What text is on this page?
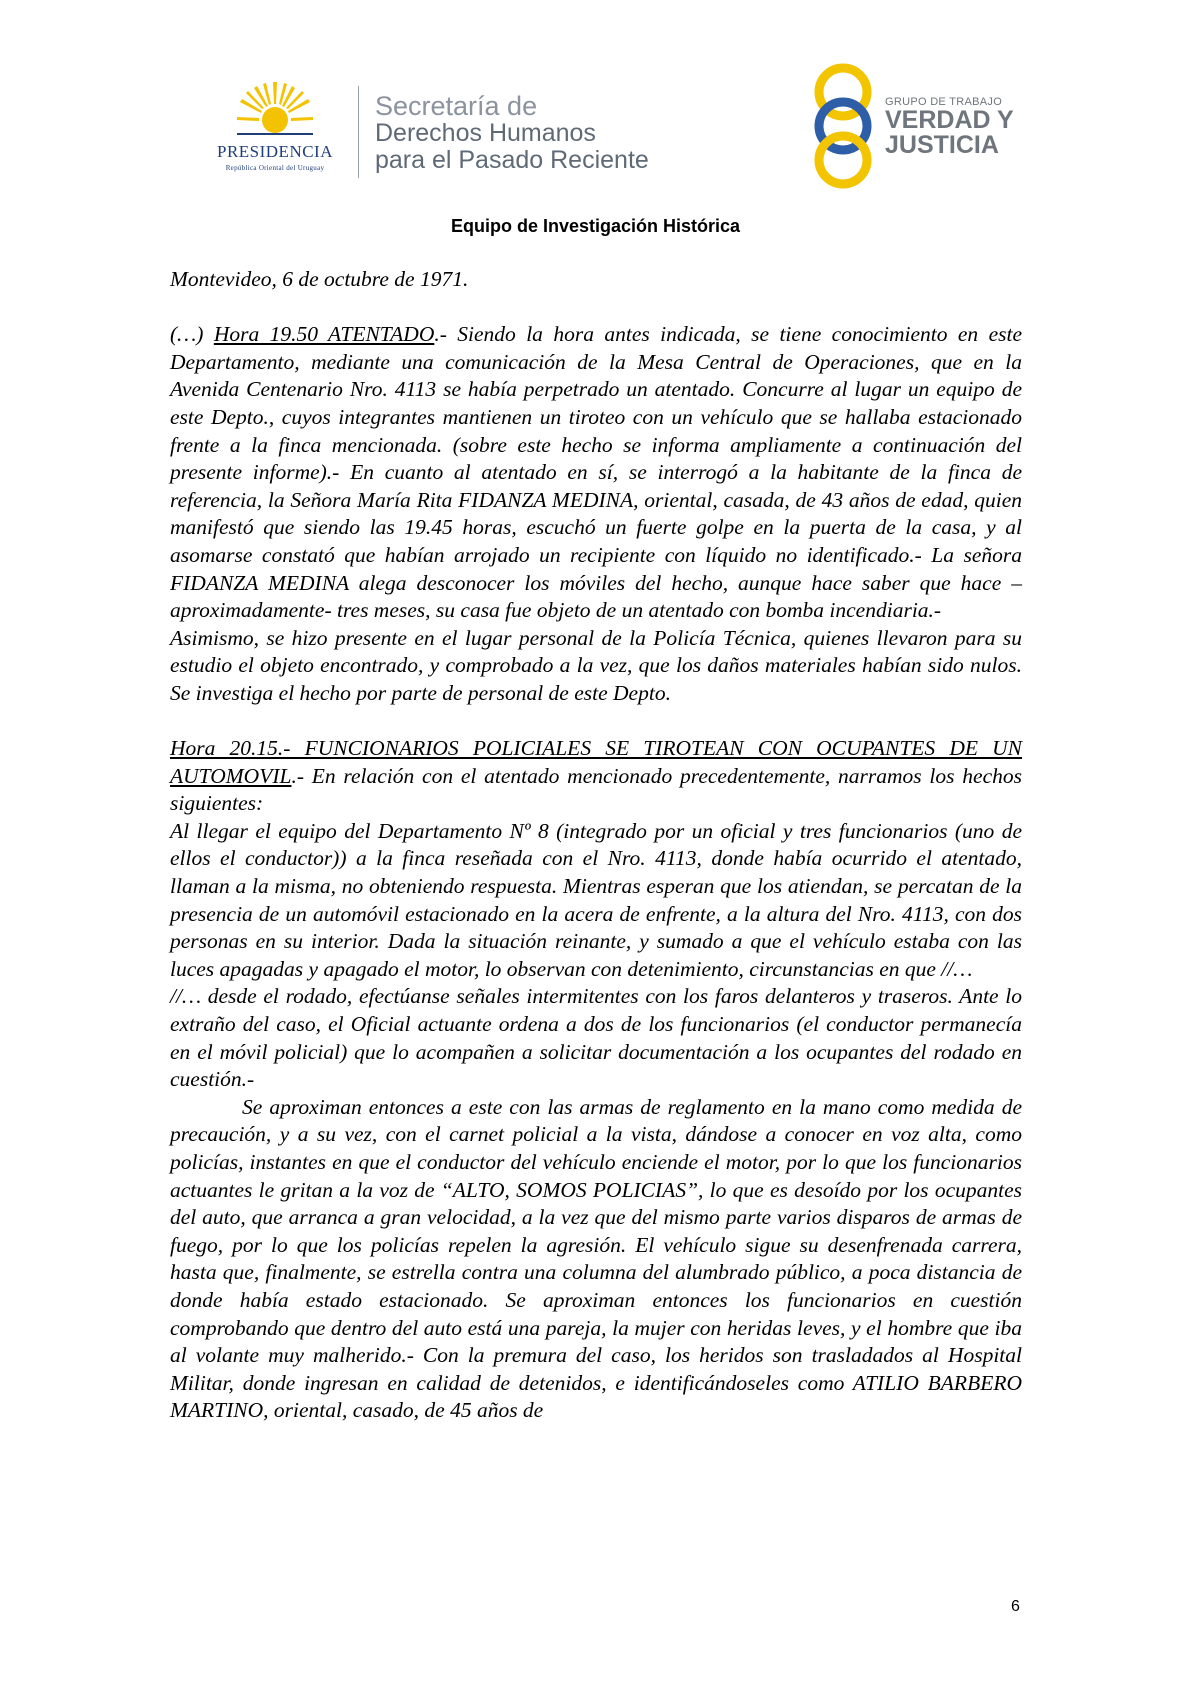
PRESIDENCIA
República Oriental del Uruguay
Secretaría de
Derechos Humanos
para el Pasado Reciente
GRUPO DE TRABAJO
VERDAD Y
JUSTICIA
Equipo de Investigación Histórica

Montevideo, 6 de octubre de 1971.

(…) Hora 19.50 ATENTADO.- Siendo la hora antes indicada, se tiene conocimiento en este Departamento, mediante una comunicación de la Mesa Central de Operaciones, que en la Avenida Centenario Nro. 4113 se había perpetrado un atentado. Concurre al lugar un equipo de este Depto., cuyos integrantes mantienen un tiroteo con un vehículo que se hallaba estacionado frente a la finca mencionada. (sobre este hecho se informa ampliamente a continuación del presente informe).- En cuanto al atentado en sí, se interrogó a la habitante de la finca de referencia, la Señora María Rita FIDANZA MEDINA, oriental, casada, de 43 años de edad, quien manifestó que siendo las 19.45 horas, escuchó un fuerte golpe en la puerta de la casa, y al asomarse constató que habían arrojado un recipiente con líquido no identificado.- La señora FIDANZA MEDINA alega desconocer los móviles del hecho, aunque hace saber que hace –aproximadamente- tres meses, su casa fue objeto de un atentado con bomba incendiaria.-

Asimismo, se hizo presente en el lugar personal de la Policía Técnica, quienes llevaron para su estudio el objeto encontrado, y comprobado a la vez, que los daños materiales habían sido nulos. Se investiga el hecho por parte de personal de este Depto.

Hora 20.15.- FUNCIONARIOS POLICIALES SE TIROTEAN CON OCUPANTES DE UN AUTOMOVIL.- En relación con el atentado mencionado precedentemente, narramos los hechos siguientes:

Al llegar el equipo del Departamento Nº 8 (integrado por un oficial y tres funcionarios (uno de ellos el conductor)) a la finca reseñada con el Nro. 4113, donde había ocurrido el atentado, llaman a la misma, no obteniendo respuesta. Mientras esperan que los atiendan, se percatan de la presencia de un automóvil estacionado en la acera de enfrente, a la altura del Nro. 4113, con dos personas en su interior. Dada la situación reinante, y sumado a que el vehículo estaba con las luces apagadas y apagado el motor, lo observan con detenimiento, circunstancias en que //…

//… desde el rodado, efectúanse señales intermitentes con los faros delanteros y traseros. Ante lo extraño del caso, el Oficial actuante ordena a dos de los funcionarios (el conductor permanecía en el móvil policial) que lo acompañen a solicitar documentación a los ocupantes del rodado en cuestión.-

Se aproximan entonces a este con las armas de reglamento en la mano como medida de precaución, y a su vez, con el carnet policial a la vista, dándose a conocer en voz alta, como policías, instantes en que el conductor del vehículo enciende el motor, por lo que los funcionarios actuantes le gritan a la voz de “ALTO, SOMOS POLICIAS”, lo que es desoído por los ocupantes del auto, que arranca a gran velocidad, a la vez que del mismo parte varios disparos de armas de fuego, por lo que los policías repelen la agresión. El vehículo sigue su desenfrenada carrera, hasta que, finalmente, se estrella contra una columna del alumbrado público, a poca distancia de donde había estado estacionado. Se aproximan entonces los funcionarios en cuestión comprobando que dentro del auto está una pareja, la mujer con heridas leves, y el hombre que iba al volante muy malherido.- Con la premura del caso, los heridos son trasladados al Hospital Militar, donde ingresan en calidad de detenidos, e identificándoseles como ATILIO BARBERO MARTINO, oriental, casado, de 45 años de

6
